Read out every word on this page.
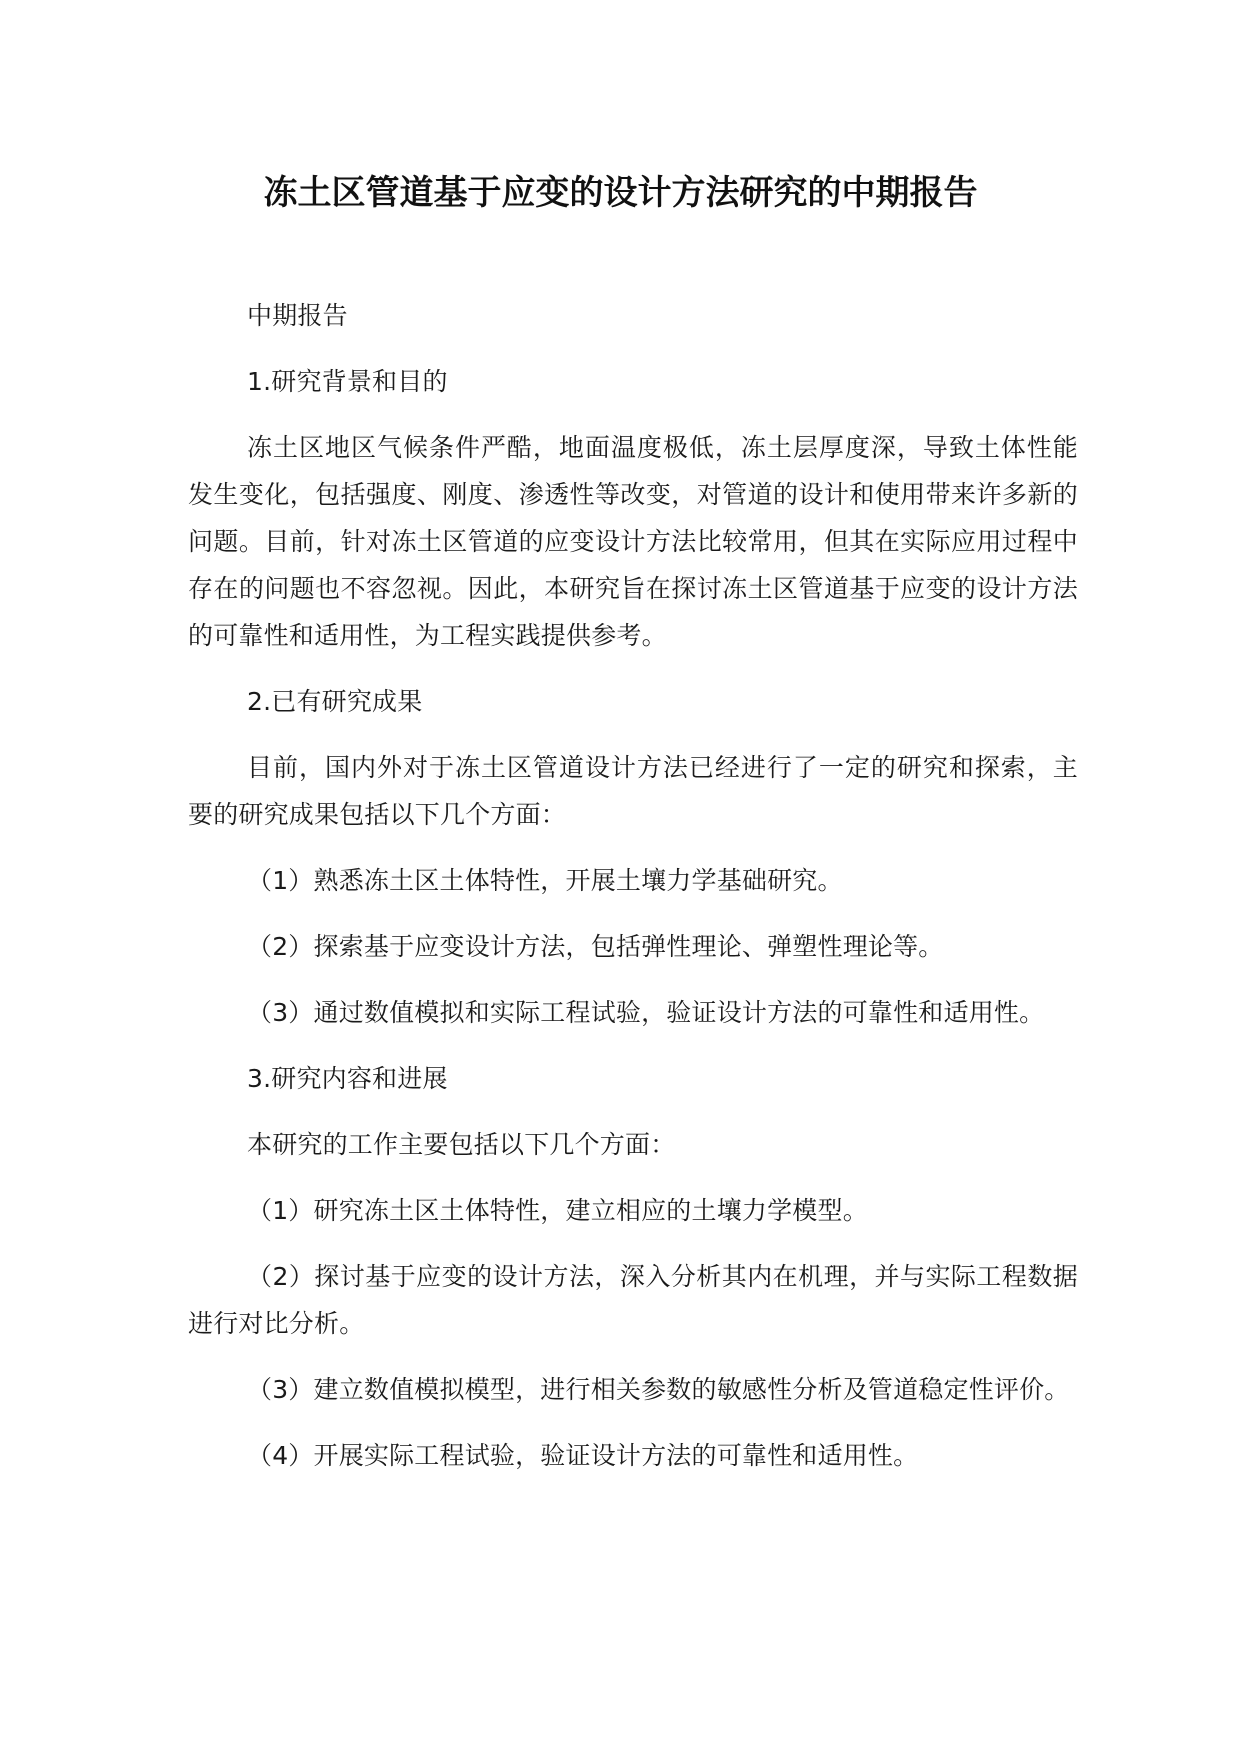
冻土区管道基于应变的设计方法研究的中期报告

中期报告

1.研究背景和目的

冻土区地区气候条件严酷，地面温度极低，冻土层厚度深，导致土体性能发生变化，包括强度、刚度、渗透性等改变，对管道的设计和使用带来许多新的问题。目前，针对冻土区管道的应变设计方法比较常用，但其在实际应用过程中存在的问题也不容忽视。因此，本研究旨在探讨冻土区管道基于应变的设计方法的可靠性和适用性，为工程实践提供参考。

2.已有研究成果

目前，国内外对于冻土区管道设计方法已经进行了一定的研究和探索，主要的研究成果包括以下几个方面：

（1）熟悉冻土区土体特性，开展土壤力学基础研究。

（2）探索基于应变设计方法，包括弹性理论、弹塑性理论等。

（3）通过数值模拟和实际工程试验，验证设计方法的可靠性和适用性。

3.研究内容和进展

本研究的工作主要包括以下几个方面：

（1）研究冻土区土体特性，建立相应的土壤力学模型。

（2）探讨基于应变的设计方法，深入分析其内在机理，并与实际工程数据进行对比分析。

（3）建立数值模拟模型，进行相关参数的敏感性分析及管道稳定性评价。

（4）开展实际工程试验，验证设计方法的可靠性和适用性。
